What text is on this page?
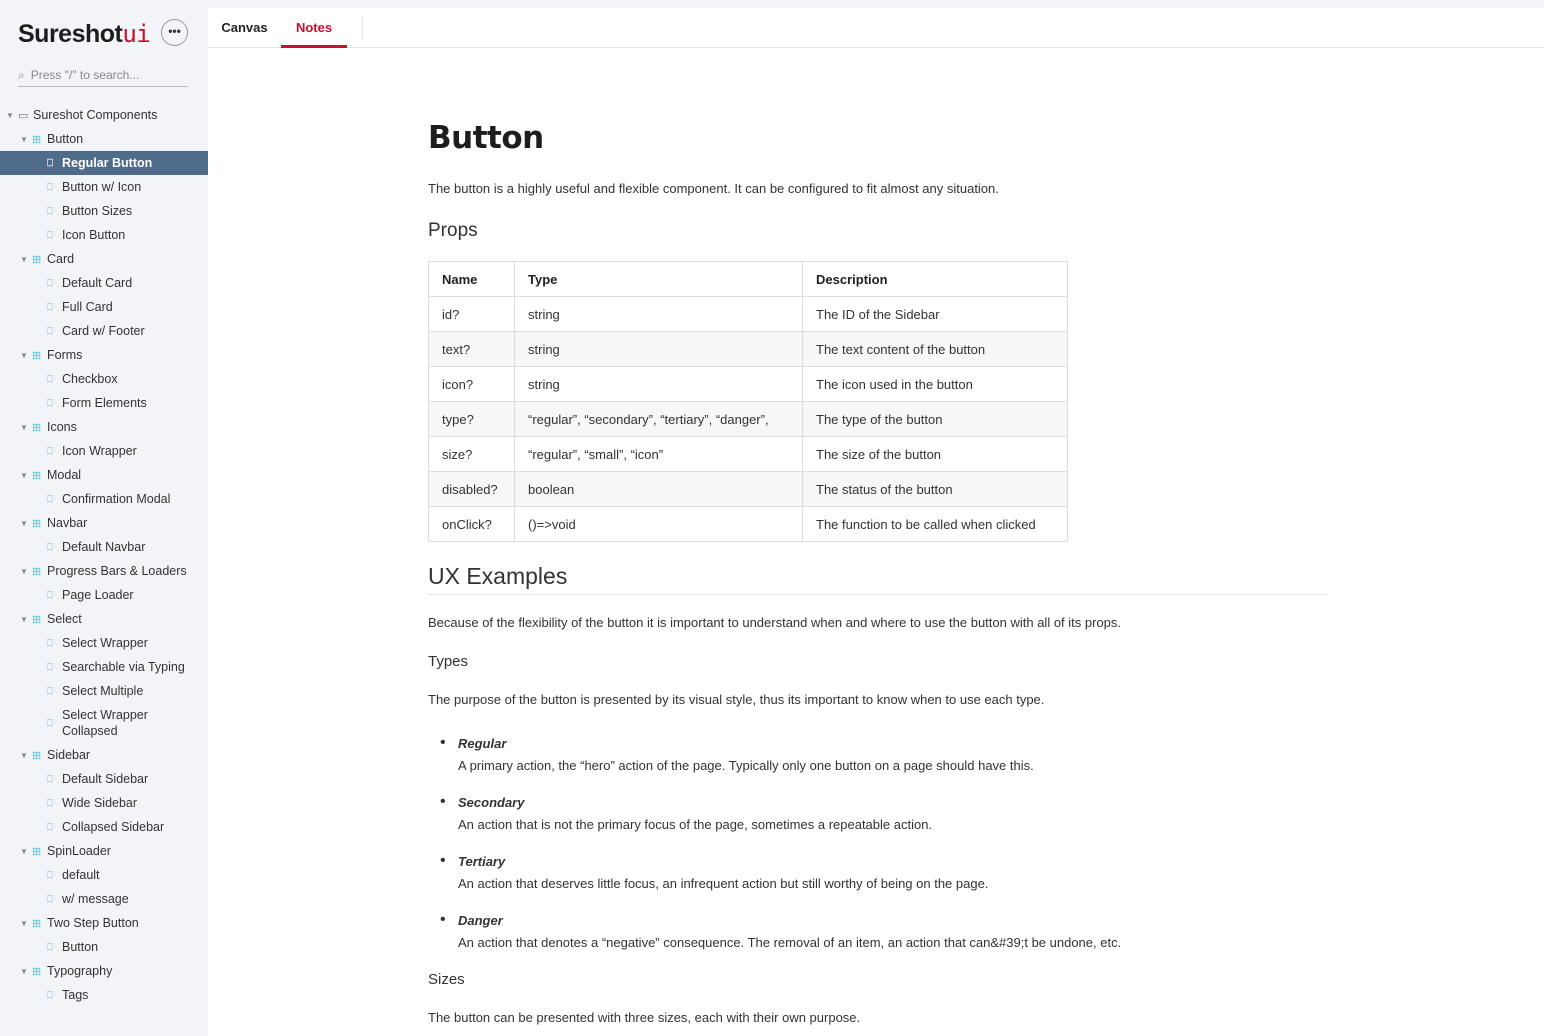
Sureshotui	•••
⌕ Press "/" to search...
▼ ▭ Sureshot Components
▼ ⊞ Button
⎕ Regular Button
⎕ Button w/ Icon
⎕ Button Sizes
⎕ Icon Button
▼ ⊞ Card
⎕ Default Card
⎕ Full Card
⎕ Card w/ Footer
▼ ⊞ Forms
⎕ Checkbox
⎕ Form Elements
▼ ⊞ Icons
⎕ Icon Wrapper
▼ ⊞ Modal
⎕ Confirmation Modal
▼ ⊞ Navbar
⎕ Default Navbar
▼ ⊞ Progress Bars & Loaders
⎕ Page Loader
▼ ⊞ Select
⎕ Select Wrapper
⎕ Searchable via Typing
⎕ Select Multiple
⎕
Select Wrapper Collapsed
▼ ⊞ Sidebar
⎕ Default Sidebar
⎕ Wide Sidebar
⎕ Collapsed Sidebar
▼ ⊞ SpinLoader
⎕ default
⎕ w/ message
▼ ⊞ Two Step Button
⎕ Button
▼ ⊞ Typography
⎕ Tags
Canvas	Notes
Button
The button is a highly useful and flexible component. It can be configured to fit almost any situation.
Props
Name	Type	Description
id?	string	The ID of the Sidebar
text?	string	The text content of the button
icon?	string	The icon used in the button
type?	“regular”, “secondary”, “tertiary”, “danger”,	The type of the button
size?	“regular”, “small”, “icon”	The size of the button
disabled?	boolean	The status of the button
onClick?	()=>void	The function to be called when clicked
UX Examples
Because of the flexibility of the button it is important to understand when and where to use the button with all of its props.
Types
The purpose of the button is presented by its visual style, thus its important to know when to use each type.
• Regular
A primary action, the “hero” action of the page. Typically only one button on a page should have this.
• Secondary
An action that is not the primary focus of the page, sometimes a repeatable action.
• Tertiary
An action that deserves little focus, an infrequent action but still worthy of being on the page.
• Danger
An action that denotes a “negative” consequence. The removal of an item, an action that can&#39;t be undone, etc.
Sizes
The button can be presented with three sizes, each with their own purpose.
